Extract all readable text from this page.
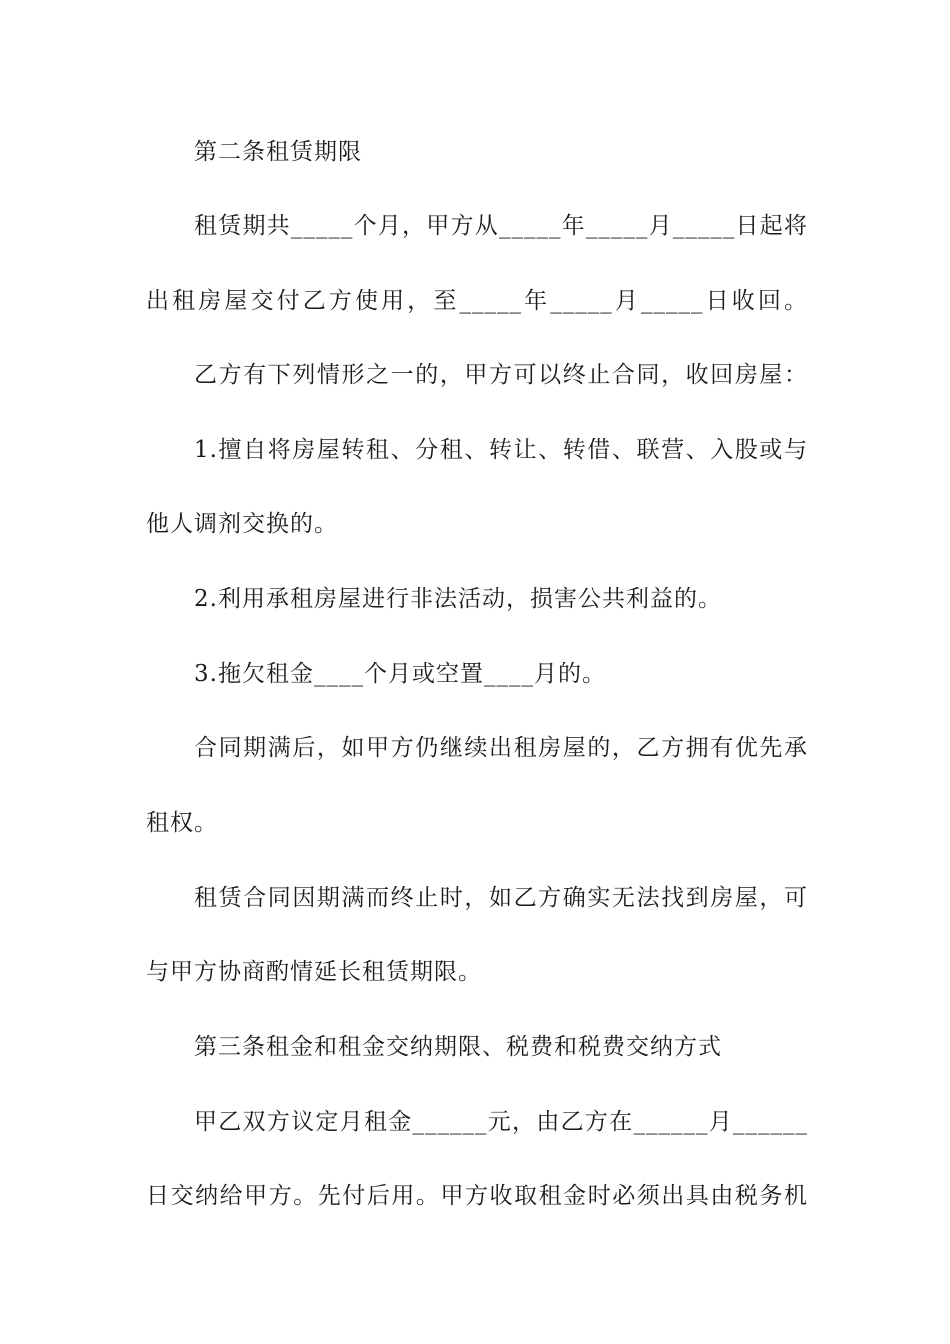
第二条租赁期限
租赁期共_____个月，甲方从_____年_____月_____日起将
出租房屋交付乙方使用，至_____年_____月_____日收回。
乙方有下列情形之一的，甲方可以终止合同，收回房屋：
1.擅自将房屋转租、分租、转让、转借、联营、入股或与
他人调剂交换的。
2.利用承租房屋进行非法活动，损害公共利益的。
3.拖欠租金____个月或空置____月的。
合同期满后，如甲方仍继续出租房屋的，乙方拥有优先承
租权。
租赁合同因期满而终止时，如乙方确实无法找到房屋，可
与甲方协商酌情延长租赁期限。
第三条租金和租金交纳期限、税费和税费交纳方式
甲乙双方议定月租金______元，由乙方在______月______
日交纳给甲方。先付后用。甲方收取租金时必须出具由税务机
